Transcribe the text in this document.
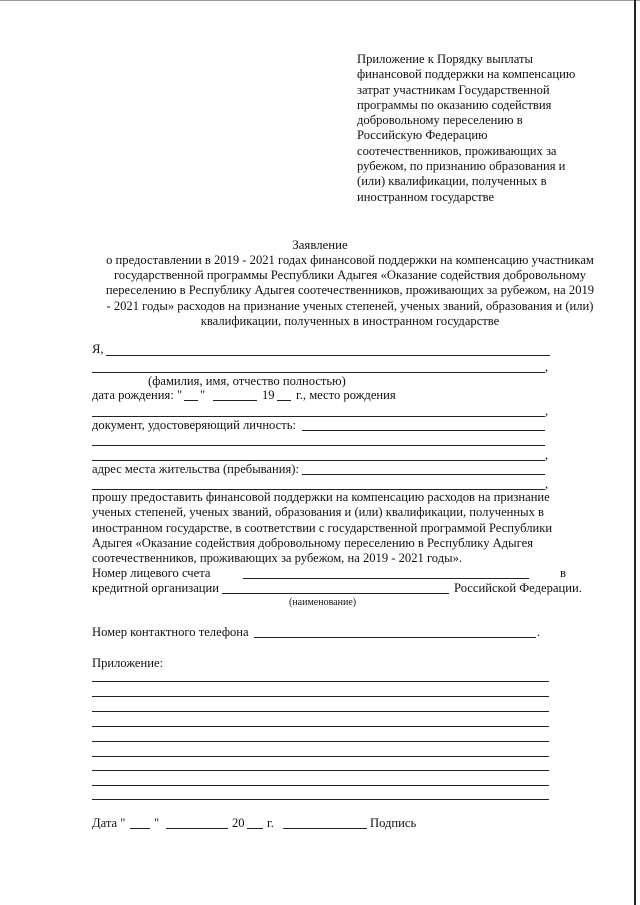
Приложение к Порядку выплаты
финансовой поддержки на компенсацию
затрат участникам Государственной
программы по оказанию содействия
добровольному переселению в
Российскую Федерацию
соотечественников, проживающих за
рубежом, по признанию образования и
(или) квалификации, полученных в
иностранном государстве
Заявление
о предоставлении в 2019 - 2021 годах финансовой поддержки на компенсацию участникам
государственной программы Республики Адыгея «Оказание содействия добровольному
переселению в Республику Адыгея соотечественников, проживающих за рубежом, на 2019
- 2021 годы» расходов на признание ученых степеней, ученых званий, образования и (или)
квалификации, полученных в иностранном государстве
Я,
,
(фамилия, имя, отчество полностью)
дата рождения: " "	19 г., место рождения
,
документ, удостоверяющий личность:
,
адрес места жительства (пребывания):
,
прошу предоставить финансовой поддержки на компенсацию расходов на признание
ученых степеней, ученых званий, образования и (или) квалификации, полученных в
иностранном государстве, в соответствии с государственной программой Республики
Адыгея «Оказание содействия добровольному переселению в Республику Адыгея
соотечественников, проживающих за рубежом, на 2019 - 2021 годы».
Номер лицевого счета	в
кредитной организации	Российской Федерации.
(наименование)
Номер контактного телефона	.
Приложение:
Дата " "	20 г.	Подпись
